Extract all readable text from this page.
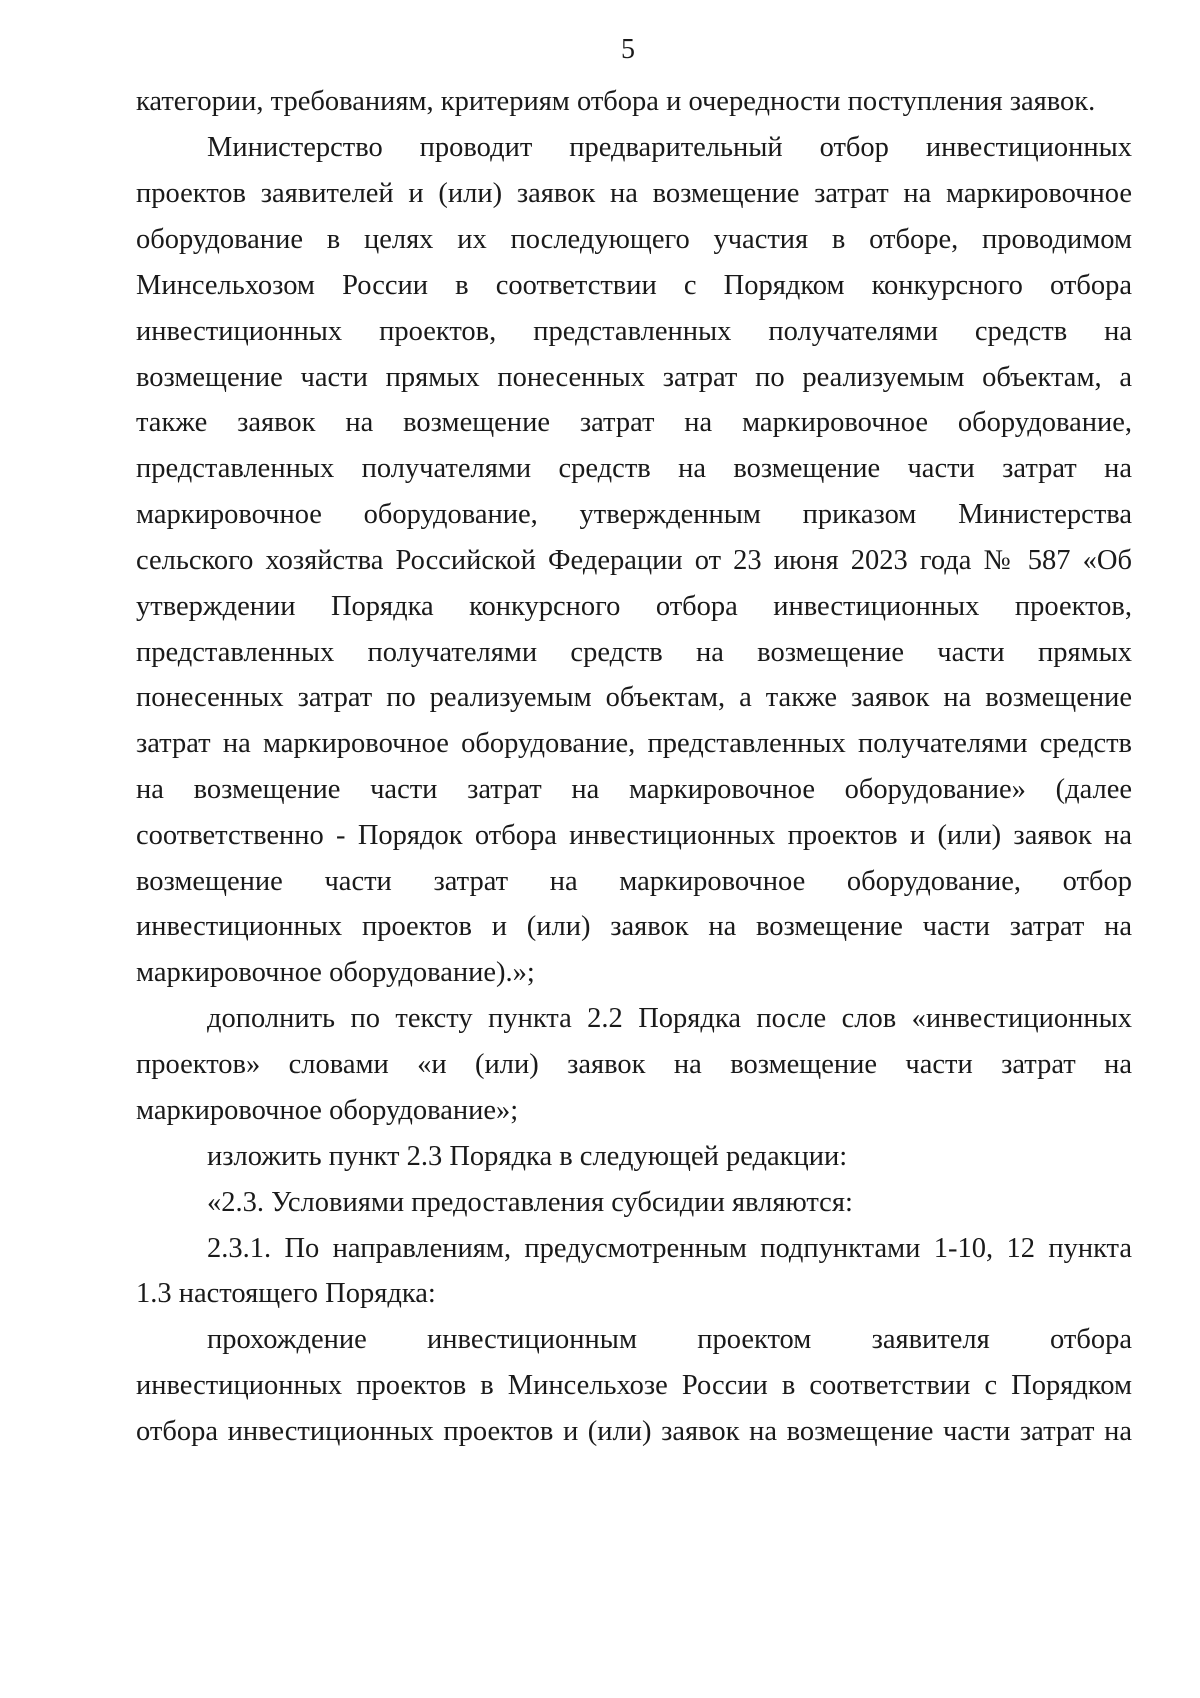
5
категории, требованиям, критериям отбора и очередности поступления заявок.
Министерство проводит предварительный отбор инвестиционных
проектов заявителей и (или) заявок на возмещение затрат на маркировочное
оборудование в целях их последующего участия в отборе, проводимом
Минсельхозом России в соответствии с Порядком конкурсного отбора
инвестиционных проектов, представленных получателями средств на
возмещение части прямых понесенных затрат по реализуемым объектам, а
также заявок на возмещение затрат на маркировочное оборудование,
представленных получателями средств на возмещение части затрат на
маркировочное оборудование, утвержденным приказом Министерства
сельского хозяйства Российской Федерации от 23 июня 2023 года № 587 «Об
утверждении Порядка конкурсного отбора инвестиционных проектов,
представленных получателями средств на возмещение части прямых
понесенных затрат по реализуемым объектам, а также заявок на возмещение
затрат на маркировочное оборудование, представленных получателями средств
на возмещение части затрат на маркировочное оборудование» (далее
соответственно - Порядок отбора инвестиционных проектов и (или) заявок на
возмещение части затрат на маркировочное оборудование, отбор
инвестиционных проектов и (или) заявок на возмещение части затрат на
маркировочное оборудование).»;
дополнить по тексту пункта 2.2 Порядка после слов «инвестиционных
проектов» словами «и (или) заявок на возмещение части затрат на
маркировочное оборудование»;
изложить пункт 2.3 Порядка в следующей редакции:
«2.3. Условиями предоставления субсидии являются:
2.3.1. По направлениям, предусмотренным подпунктами 1-10, 12 пункта
1.3 настоящего Порядка:
прохождение инвестиционным проектом заявителя отбора
инвестиционных проектов в Минсельхозе России в соответствии с Порядком
отбора инвестиционных проектов и (или) заявок на возмещение части затрат на
